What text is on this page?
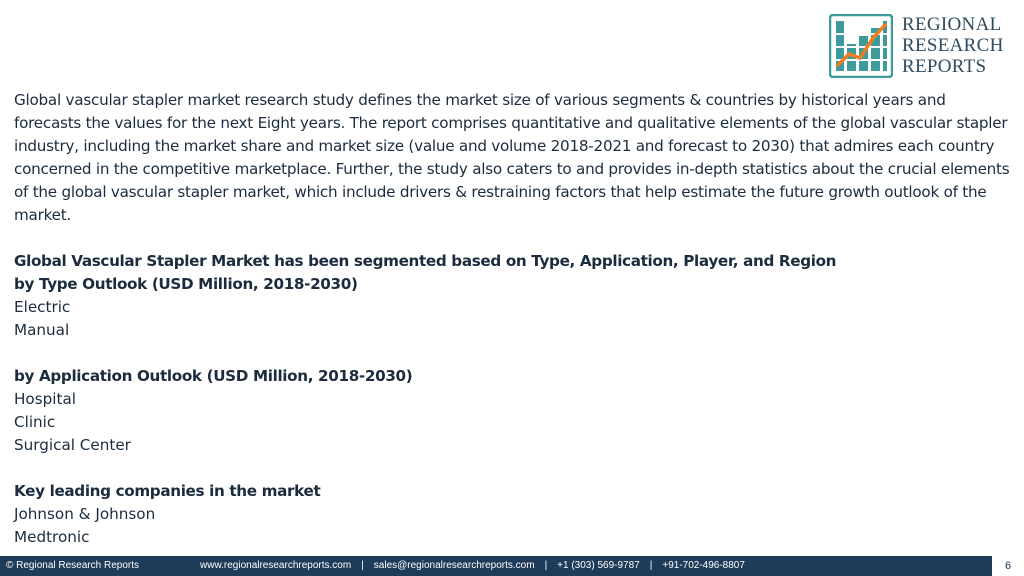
REGIONAL
RESEARCH
REPORTS

Global vascular stapler market research study defines the market size of various segments & countries by historical years and forecasts the values for the next Eight years. The report comprises quantitative and qualitative elements of the global vascular stapler industry, including the market share and market size (value and volume 2018-2021 and forecast to 2030) that admires each country concerned in the competitive marketplace. Further, the study also caters to and provides in-depth statistics about the crucial elements of the global vascular stapler market, which include drivers & restraining factors that help estimate the future growth outlook of the market.

Global Vascular Stapler Market has been segmented based on Type, Application, Player, and Region
by Type Outlook (USD Million, 2018-2030)
Electric
Manual
by Application Outlook (USD Million, 2018-2030)
Hospital
Clinic
Surgical Center
Key leading companies in the market
Johnson & Johnson
Medtronic
© Regional Research Reports	www.regionalresearchreports.com | sales@regionalresearchreports.com | +1 (303) 569-9787 | +91-702-496-8807	6
